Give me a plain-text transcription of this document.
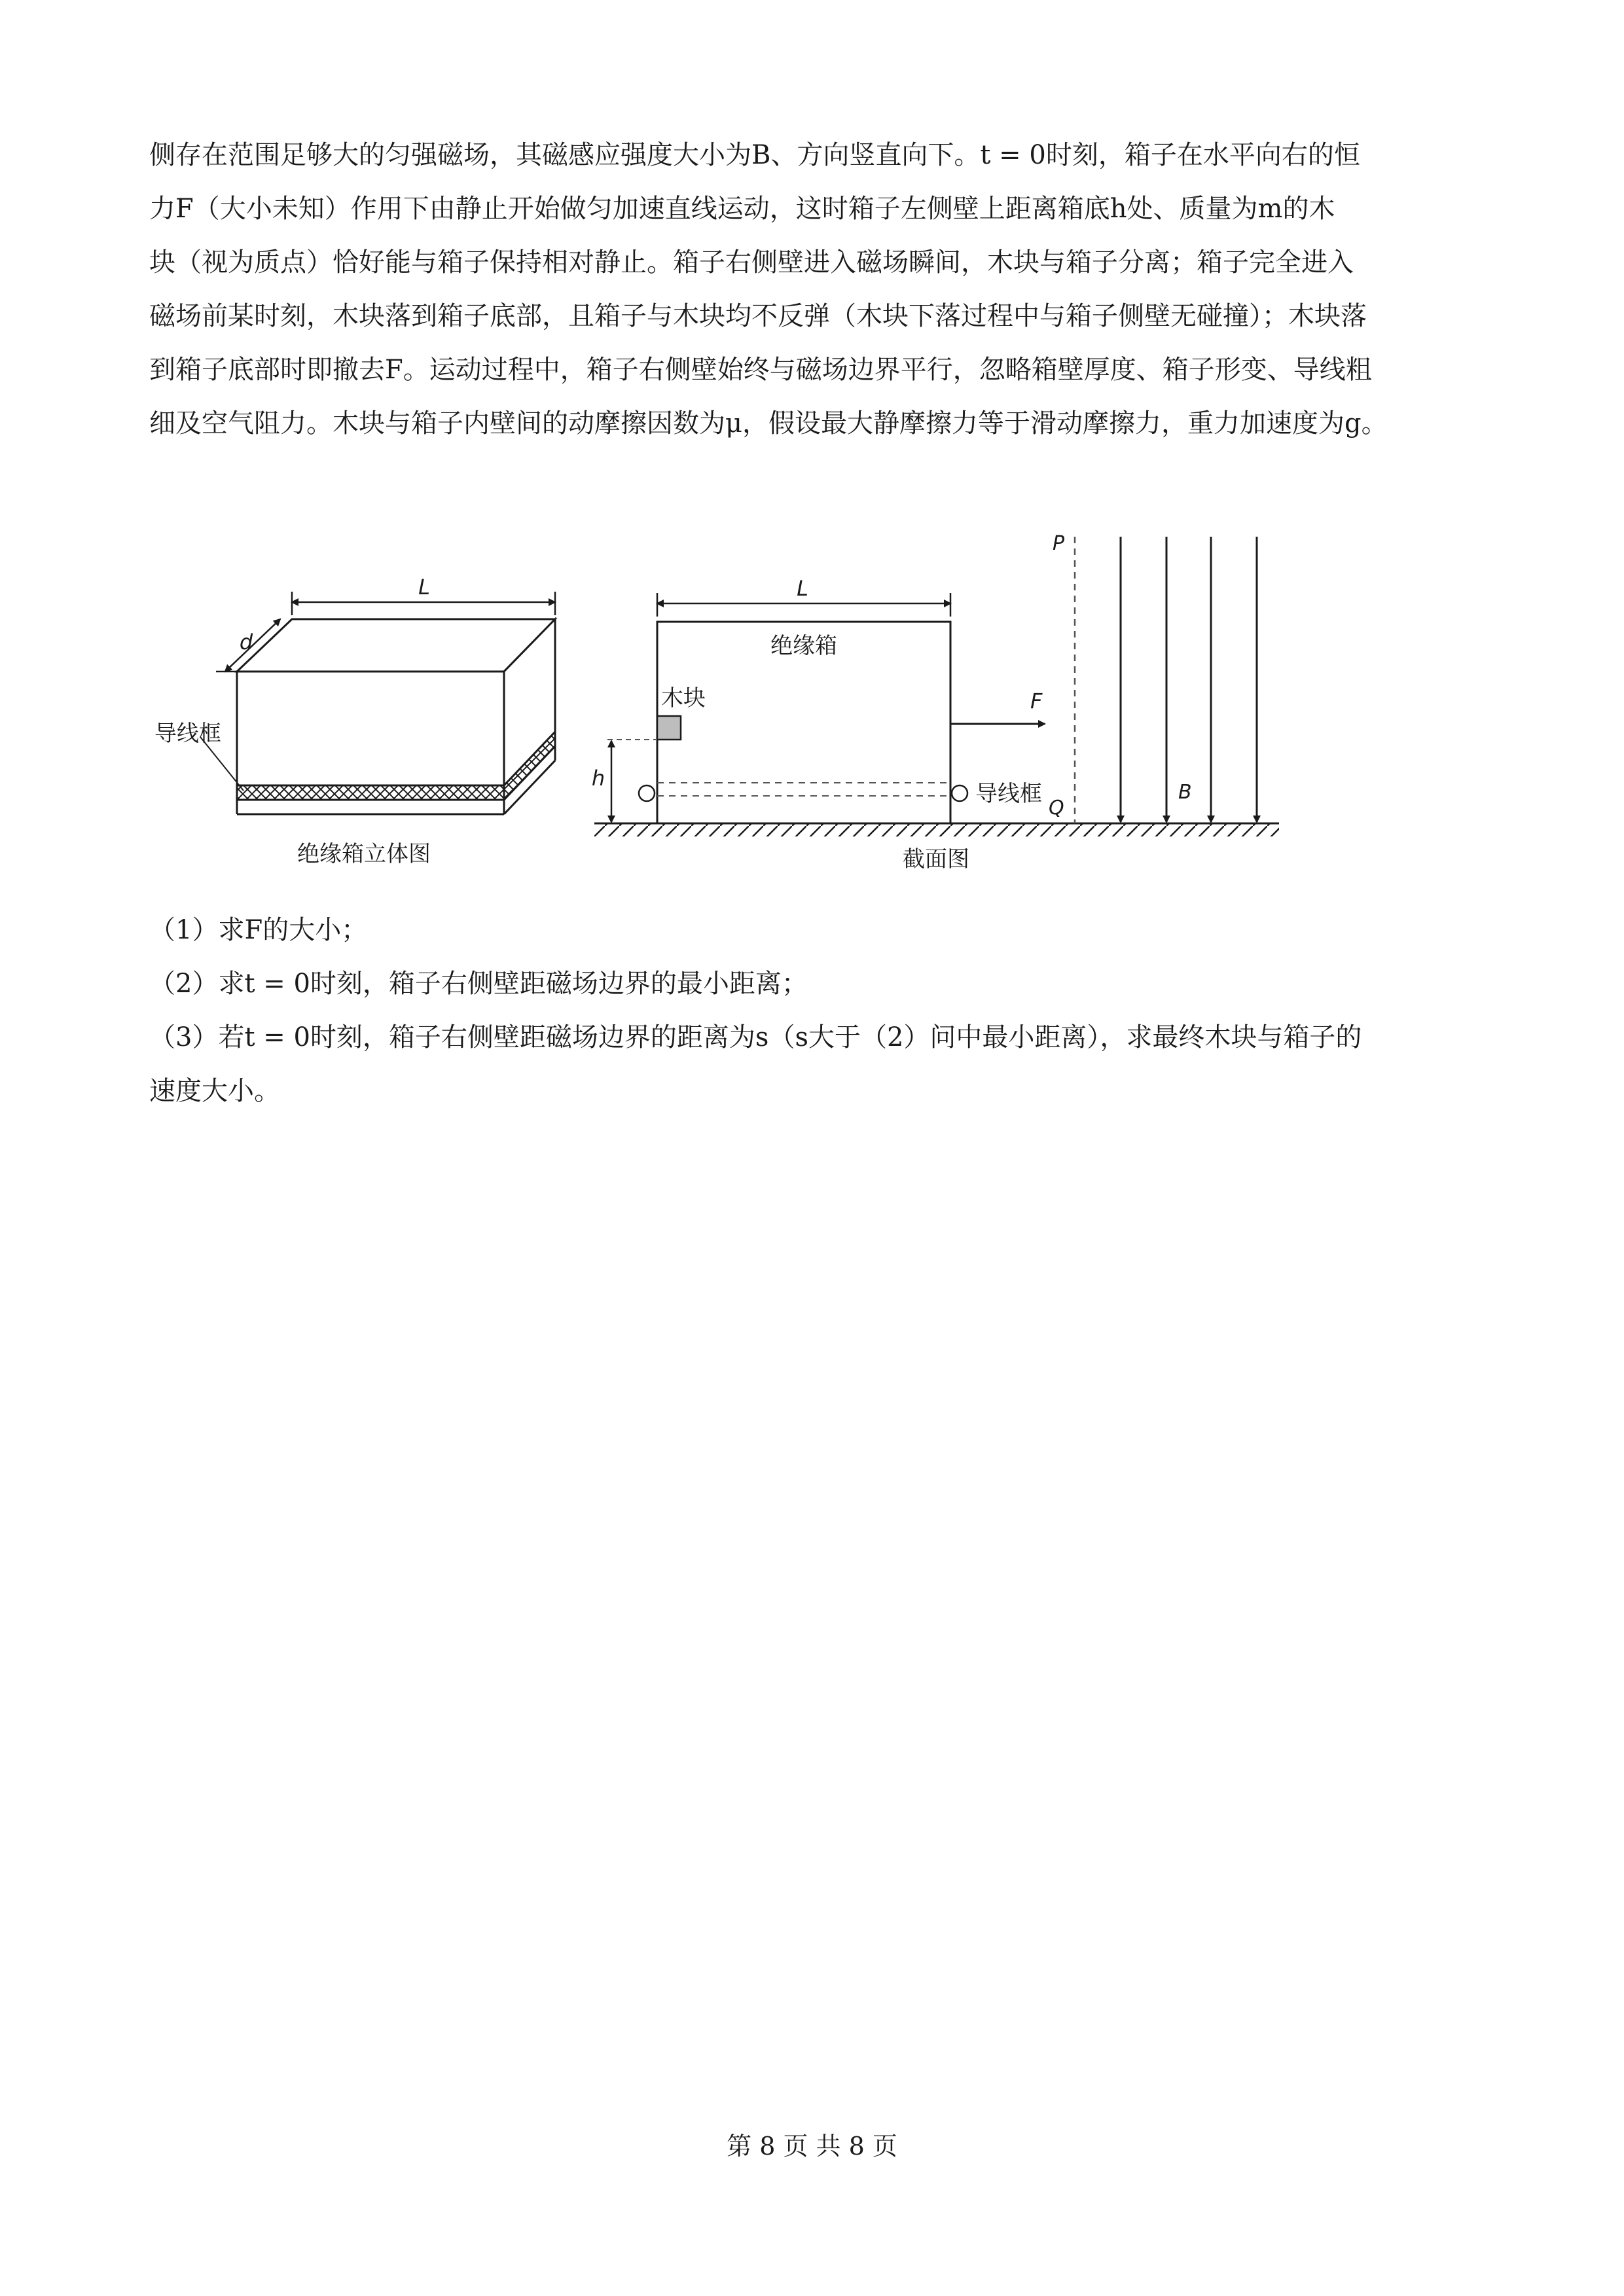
侧存在范围足够大的匀强磁场，其磁感应强度大小为B、方向竖直向下。t = 0时刻，箱子在水平向右的恒

力F（大小未知）作用下由静止开始做匀加速直线运动，这时箱子左侧壁上距离箱底h处、质量为m的木

块（视为质点）恰好能与箱子保持相对静止。箱子右侧壁进入磁场瞬间，木块与箱子分离；箱子完全进入

磁场前某时刻，木块落到箱子底部，且箱子与木块均不反弹（木块下落过程中与箱子侧壁无碰撞）；木块落

到箱子底部时即撤去F。运动过程中，箱子右侧壁始终与磁场边界平行，忽略箱壁厚度、箱子形变、导线粗

细及空气阻力。木块与箱子内壁间的动摩擦因数为μ，假设最大静摩擦力等于滑动摩擦力，重力加速度为g。

L
d
导线框
绝缘箱立体图
L
绝缘箱
木块	F
h
导线框
P
Q
B
截面图

（1）求F的大小；

（2）求t = 0时刻，箱子右侧壁距磁场边界的最小距离；

（3）若t = 0时刻，箱子右侧壁距磁场边界的距离为s（s大于（2）问中最小距离），求最终木块与箱子的

速度大小。

第 8 页 共 8 页
